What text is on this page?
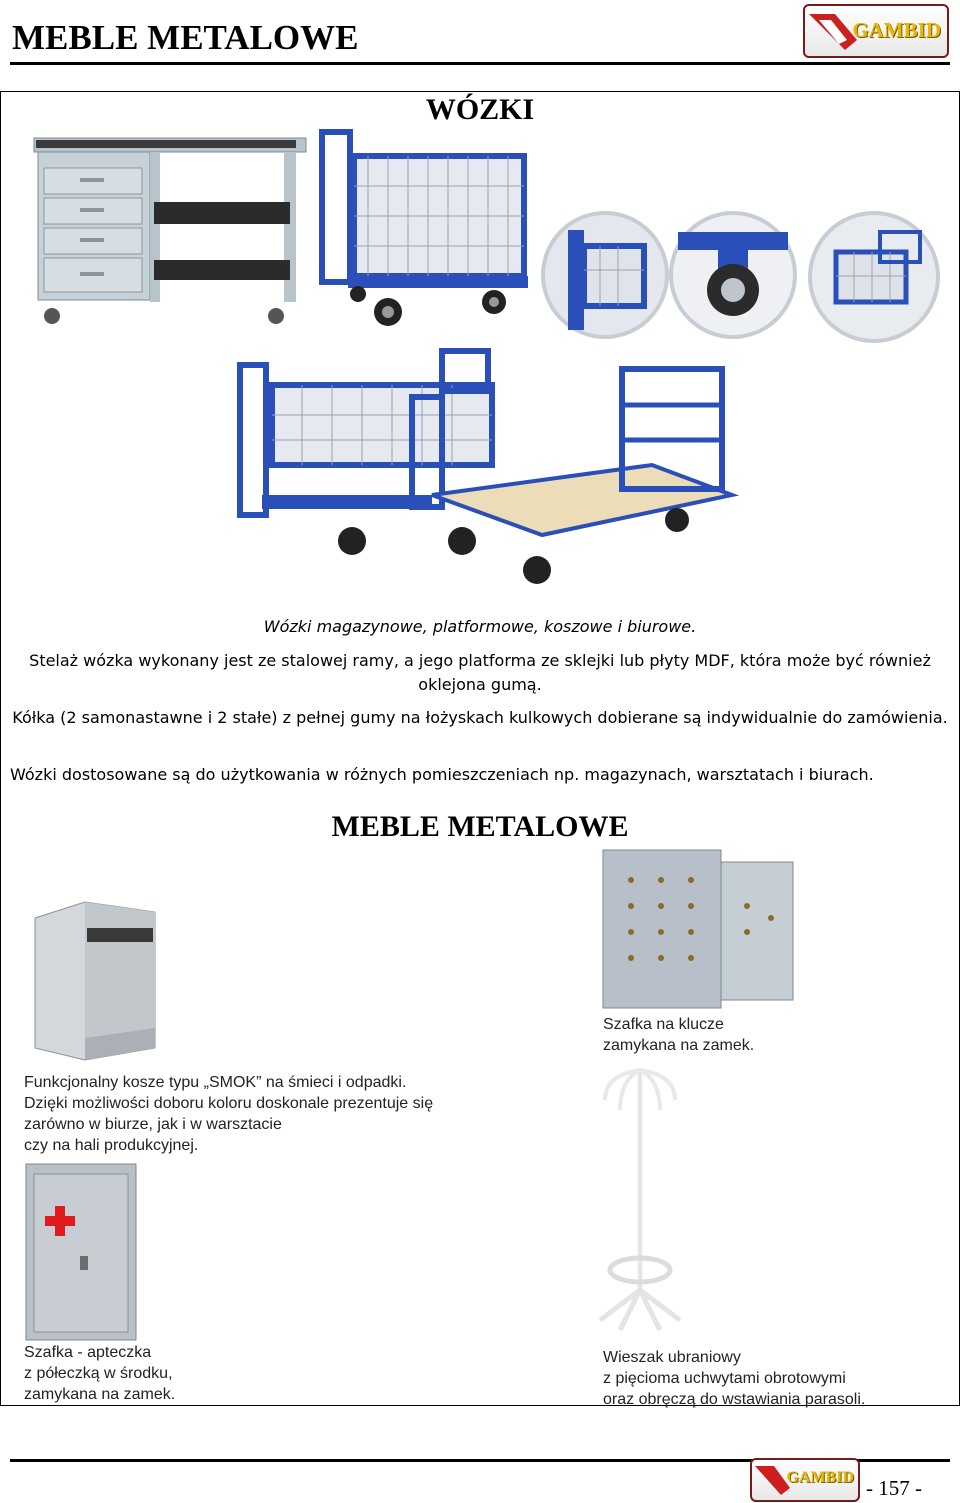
MEBLE METALOWE	GAMBID
WÓZKI
Wózki magazynowe, platformowe, koszowe i biurowe.
Stelaż wózka wykonany jest ze stalowej ramy, a jego platforma ze sklejki lub płyty MDF, która może być również oklejona gumą.
Kółka (2 samonastawne i 2 stałe) z pełnej gumy na łożyskach kulkowych dobierane są indywidualnie do zamówienia.
Wózki dostosowane są do użytkowania w różnych pomieszczeniach np. magazynach, warsztatach i biurach.
MEBLE METALOWE
Funkcjonalny kosze typu „SMOK” na śmieci i odpadki.
Dzięki możliwości doboru koloru doskonale prezentuje się
zarówno w biurze, jak i w warsztacie
czy na hali produkcyjnej.
Szafka na klucze
zamykana na zamek.
Szafka - apteczka
z półeczką w środku,
zamykana na zamek.
Wieszak ubraniowy
z pięcioma uchwytami obrotowymi
oraz obręczą do wstawiania parasoli.
GAMBID - 157 -
